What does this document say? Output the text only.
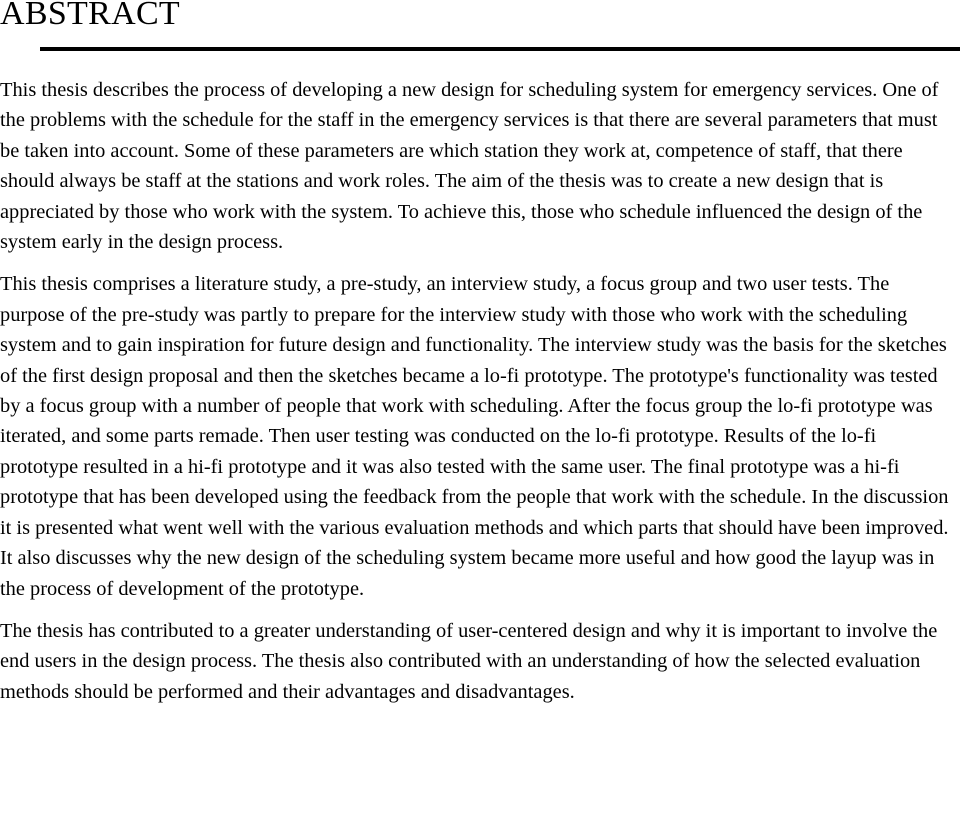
ABSTRACT

This thesis describes the process of developing a new design for scheduling system for emergency services. One of the problems with the schedule for the staff in the emergency services is that there are several parameters that must be taken into account. Some of these parameters are which station they work at, competence of staff, that there should always be staff at the stations and work roles. The aim of the thesis was to create a new design that is appreciated by those who work with the system. To achieve this, those who schedule influenced the design of the system early in the design process.

This thesis comprises a literature study, a pre-study, an interview study, a focus group and two user tests. The purpose of the pre-study was partly to prepare for the interview study with those who work with the scheduling system and to gain inspiration for future design and functionality. The interview study was the basis for the sketches of the first design proposal and then the sketches became a lo-fi prototype. The prototype's functionality was tested by a focus group with a number of people that work with scheduling. After the focus group the lo-fi prototype was iterated, and some parts remade. Then user testing was conducted on the lo-fi prototype. Results of the lo-fi prototype resulted in a hi-fi prototype and it was also tested with the same user. The final prototype was a hi-fi prototype that has been developed using the feedback from the people that work with the schedule. In the discussion it is presented what went well with the various evaluation methods and which parts that should have been improved. It also discusses why the new design of the scheduling system became more useful and how good the layup was in the process of development of the prototype.

The thesis has contributed to a greater understanding of user-centered design and why it is important to involve the end users in the design process. The thesis also contributed with an understanding of how the selected evaluation methods should be performed and their advantages and disadvantages.
